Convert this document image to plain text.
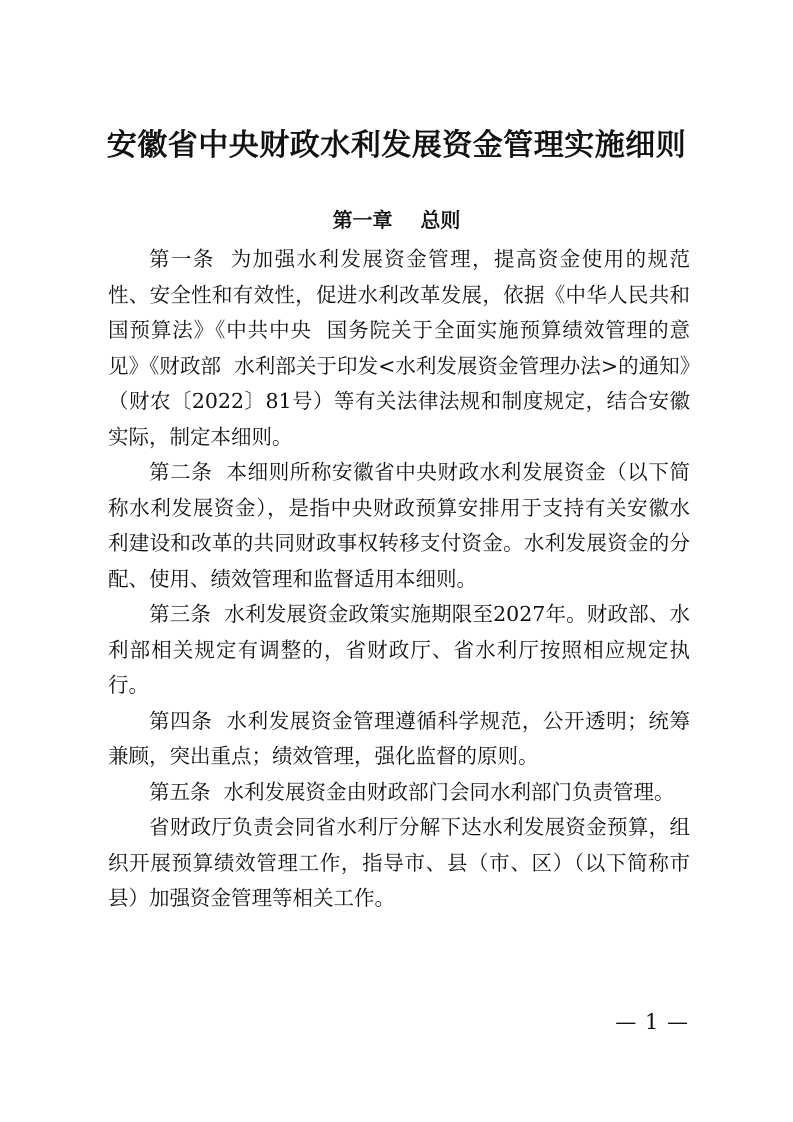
安徽省中央财政水利发展资金管理实施细则
第一章    总则

第一条  为加强水利发展资金管理，提高资金使用的规范性、安全性和有效性，促进水利改革发展，依据《中华人民共和国预算法》《中共中央  国务院关于全面实施预算绩效管理的意见》《财政部  水利部关于印发<水利发展资金管理办法>的通知》（财农〔2022〕81号）等有关法律法规和制度规定，结合安徽实际，制定本细则。

第二条  本细则所称安徽省中央财政水利发展资金（以下简称水利发展资金），是指中央财政预算安排用于支持有关安徽水利建设和改革的共同财政事权转移支付资金。水利发展资金的分配、使用、绩效管理和监督适用本细则。

第三条  水利发展资金政策实施期限至2027年。财政部、水利部相关规定有调整的，省财政厅、省水利厅按照相应规定执行。

第四条  水利发展资金管理遵循科学规范，公开透明；统筹兼顾，突出重点；绩效管理，强化监督的原则。

第五条  水利发展资金由财政部门会同水利部门负责管理。

省财政厅负责会同省水利厅分解下达水利发展资金预算，组织开展预算绩效管理工作，指导市、县（市、区）（以下简称市县）加强资金管理等相关工作。

— 1 —
